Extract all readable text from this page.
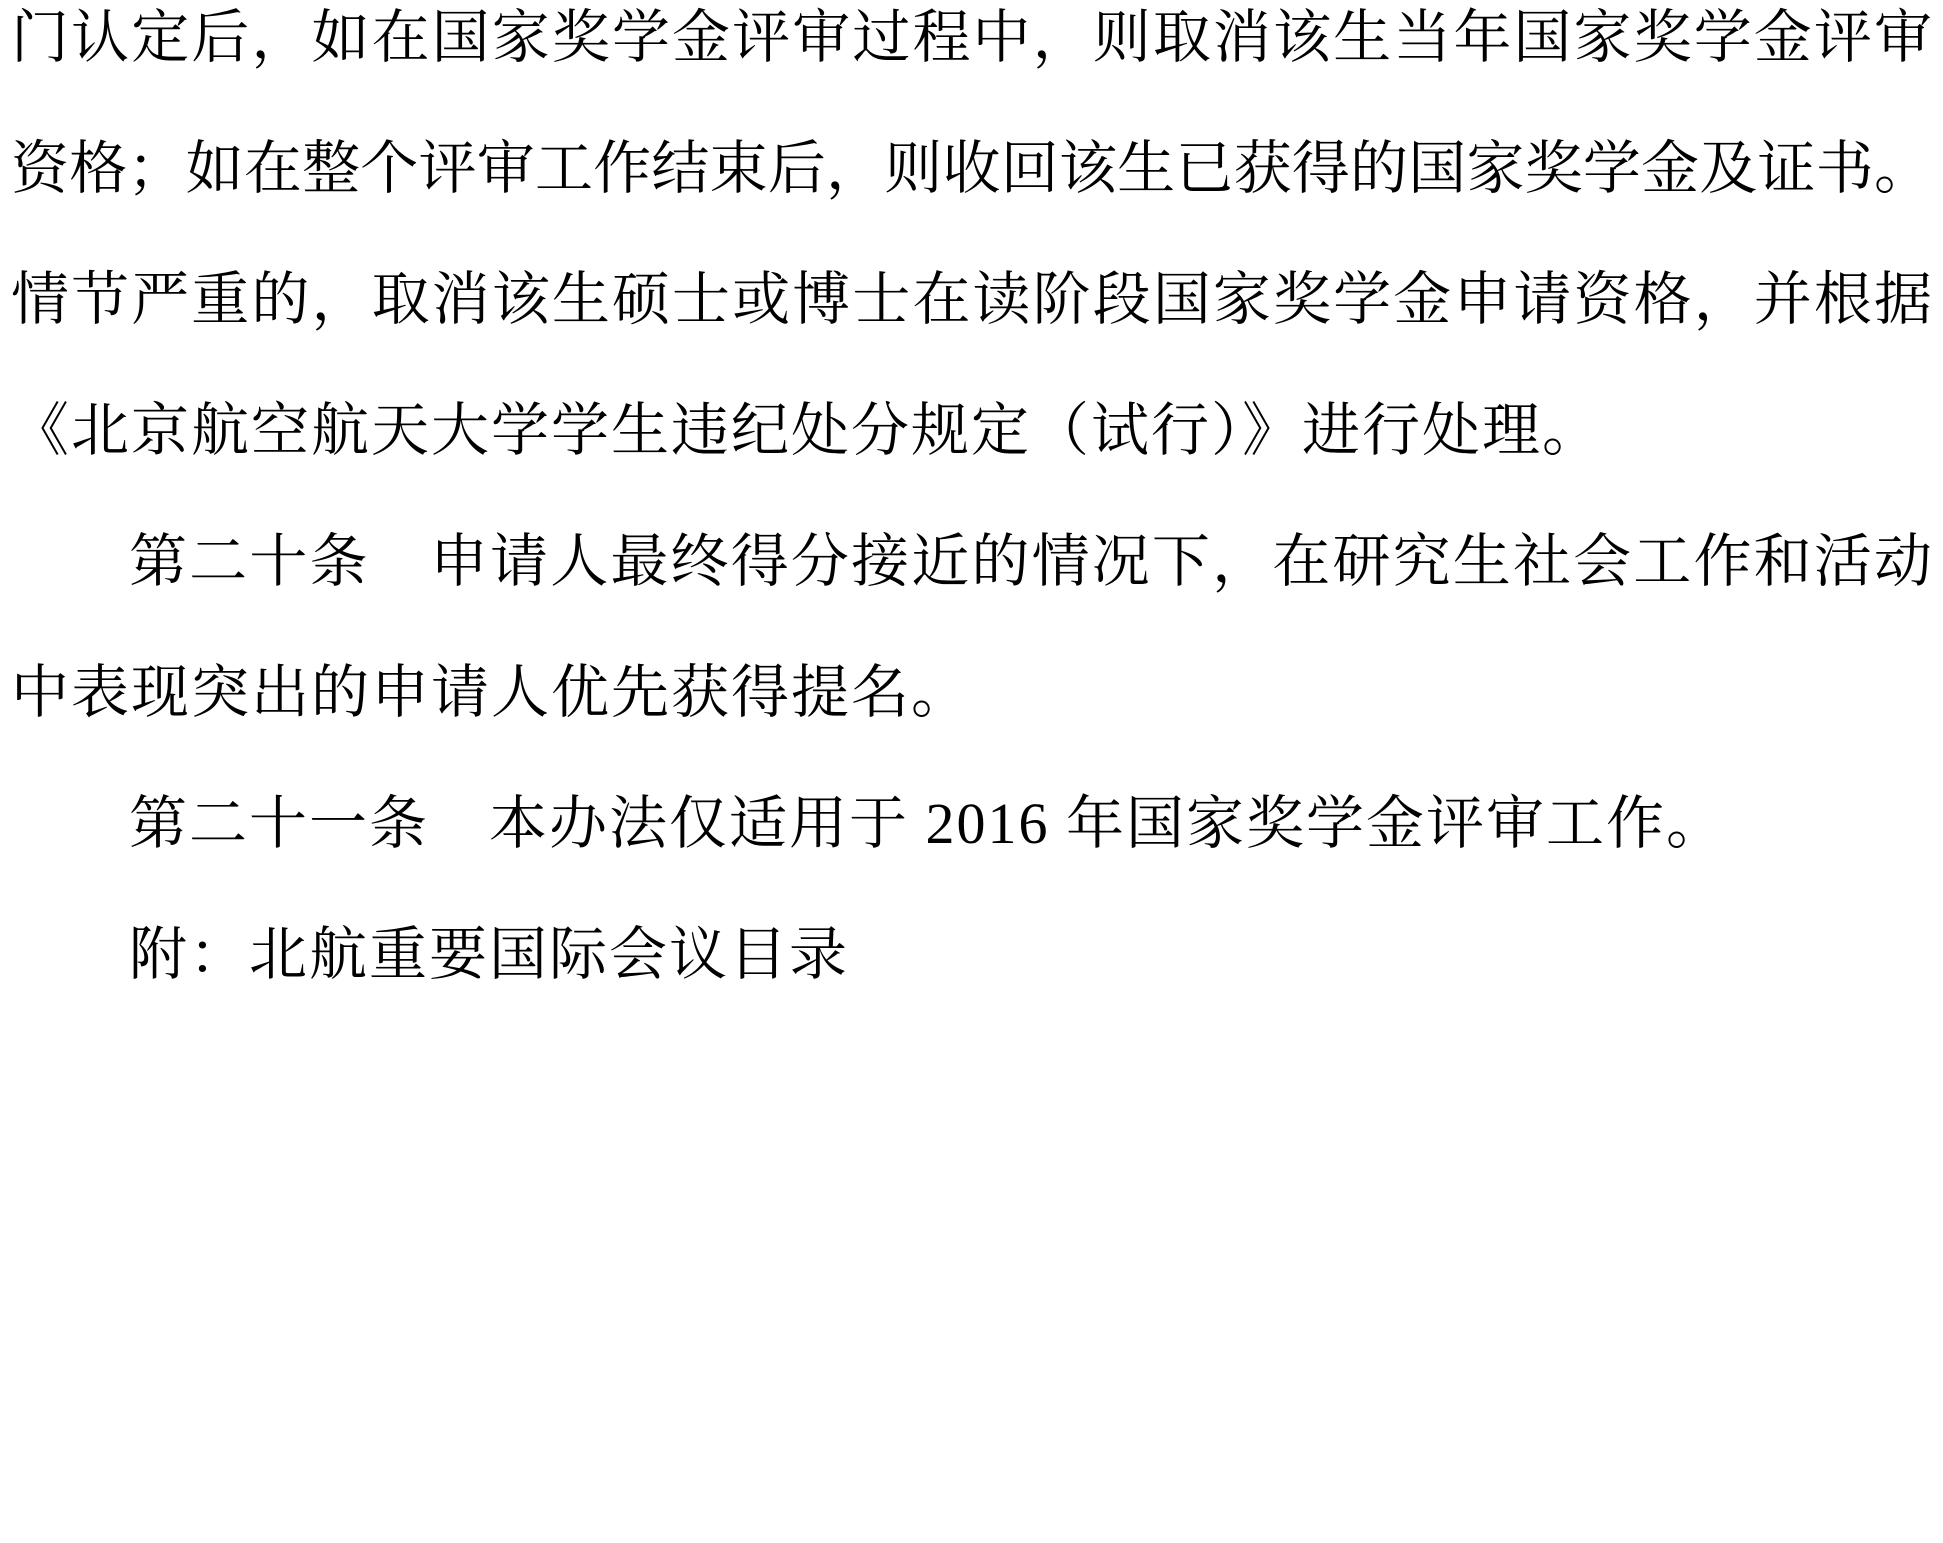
门认定后，如在国家奖学金评审过程中，则取消该生当年国家奖学金评审
资格；如在整个评审工作结束后，则收回该生已获得的国家奖学金及证书。
情节严重的，取消该生硕士或博士在读阶段国家奖学金申请资格，并根据
《北京航空航天大学学生违纪处分规定（试行）》进行处理。
第二十条　申请人最终得分接近的情况下，在研究生社会工作和活动
中表现突出的申请人优先获得提名。
第二十一条　本办法仅适用于 2016 年国家奖学金评审工作。
附：北航重要国际会议目录
